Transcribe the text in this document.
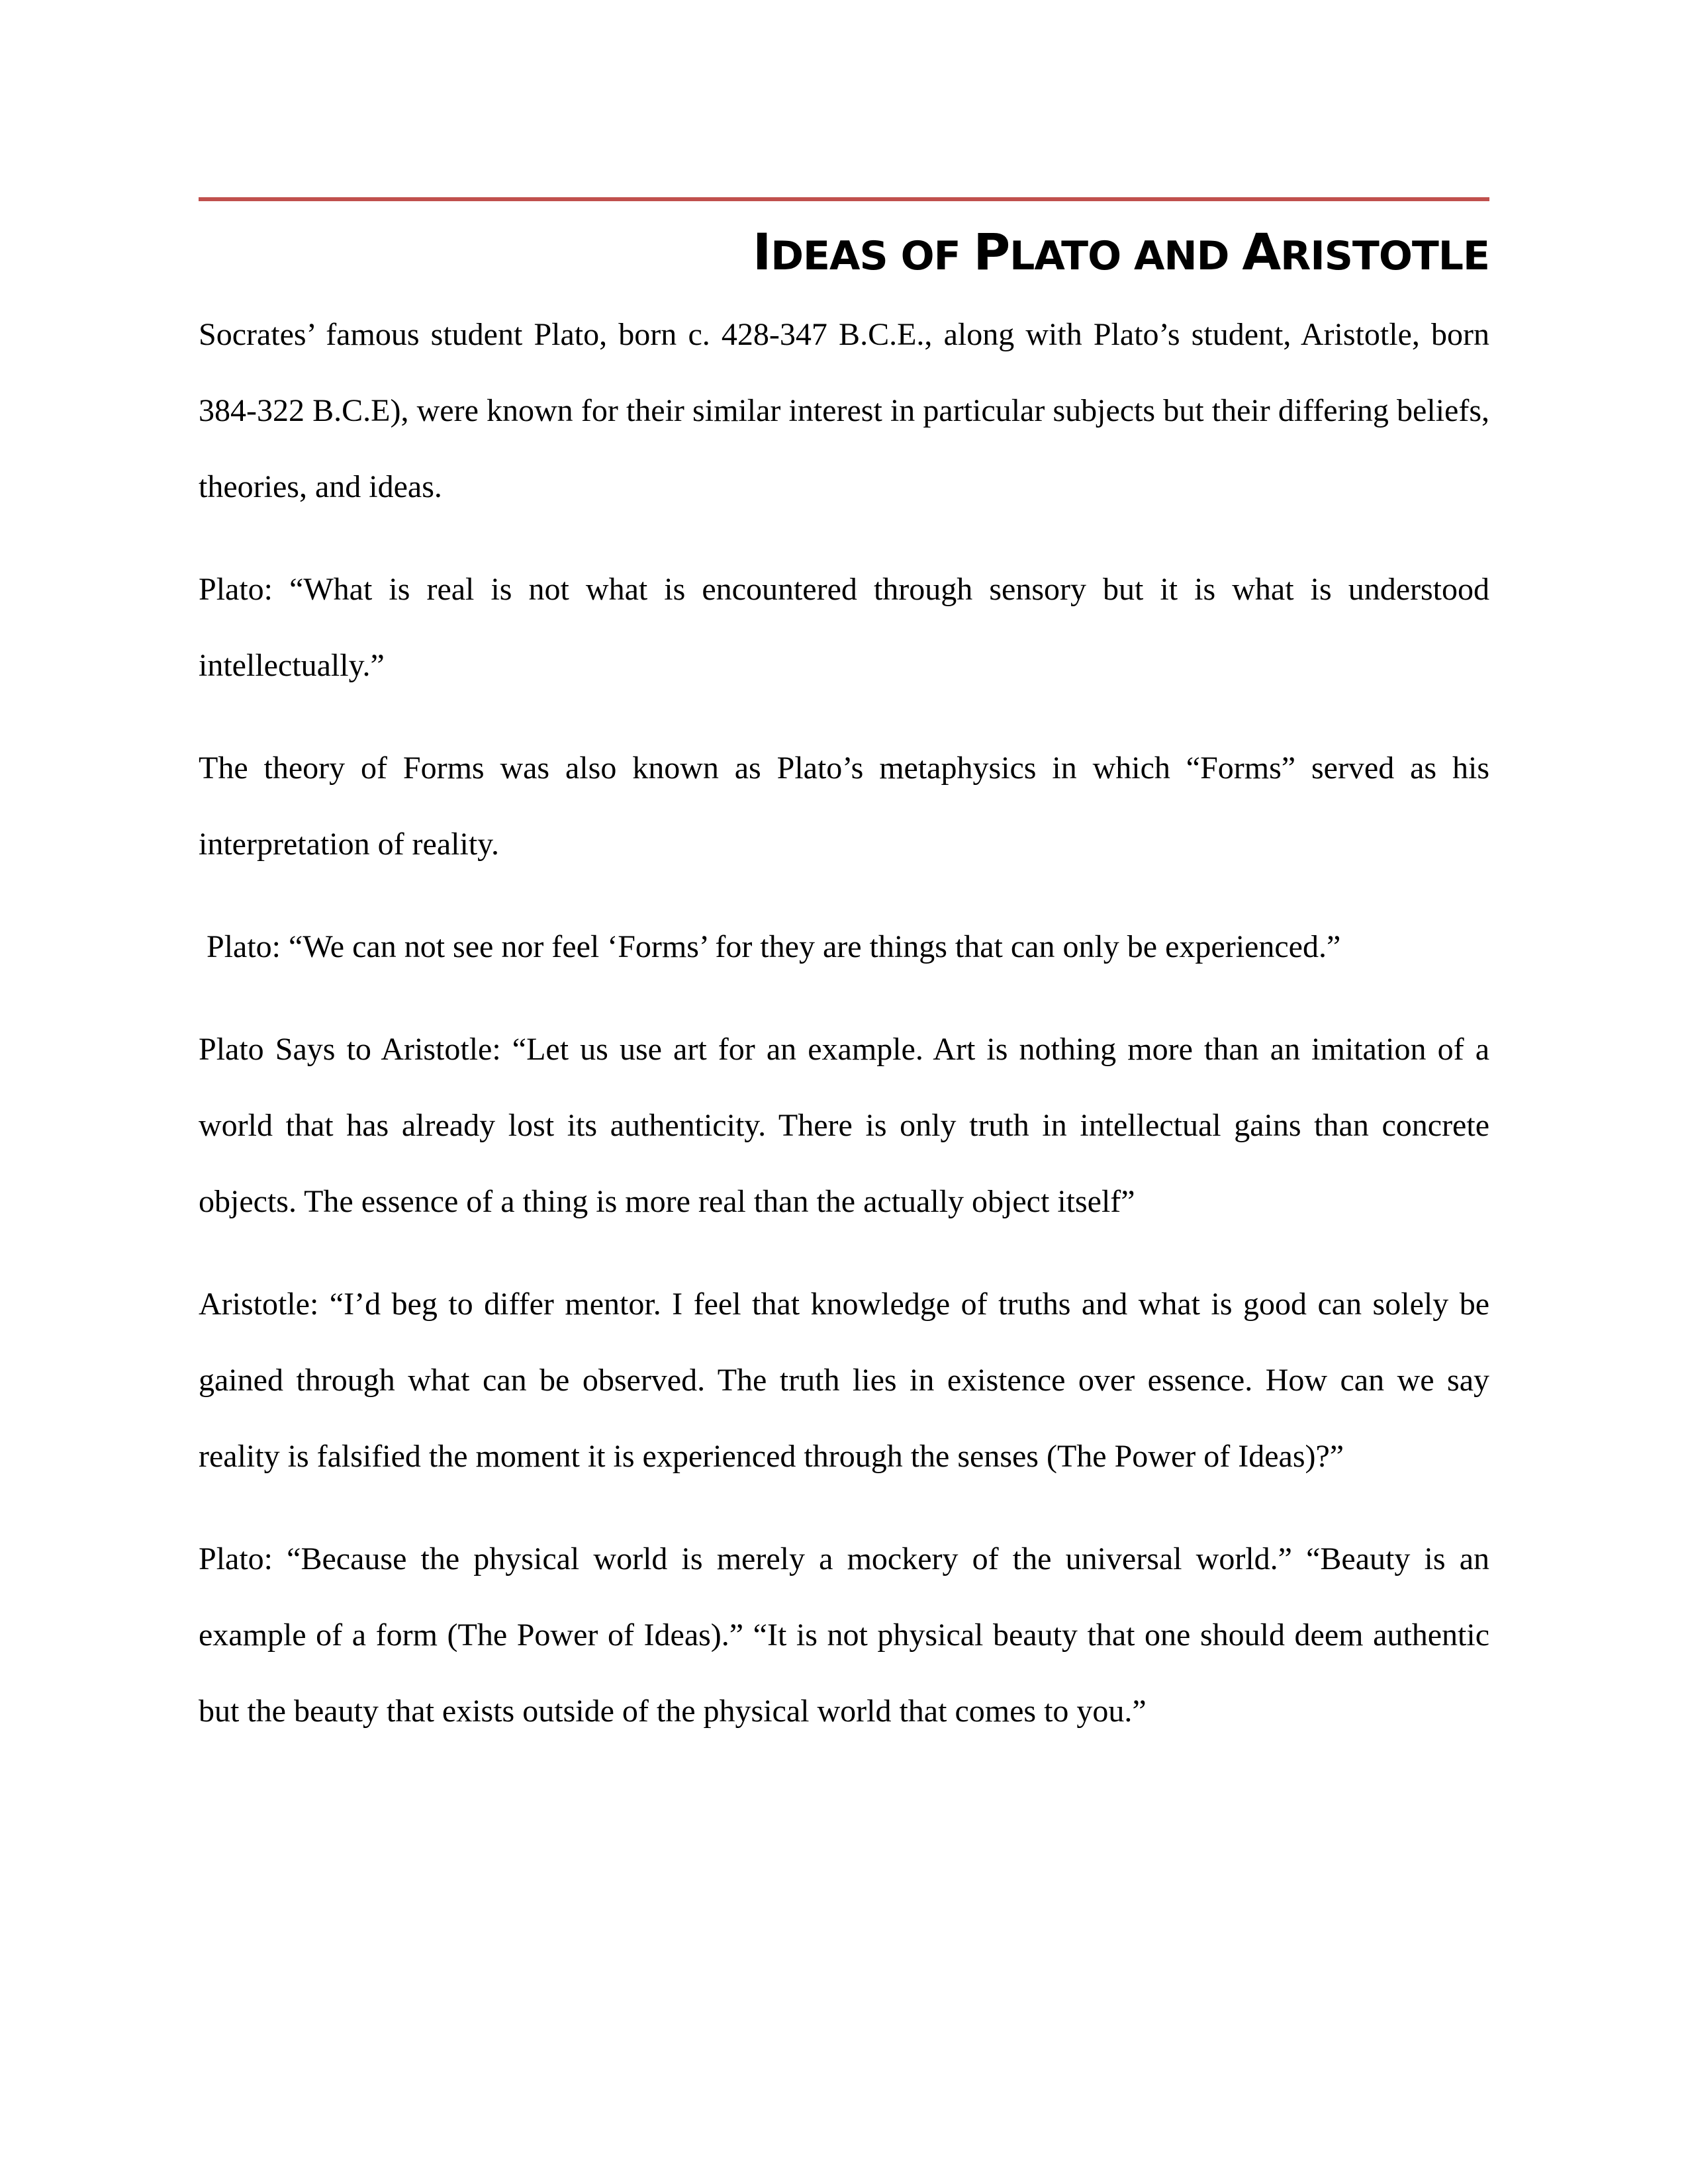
IDEAS OF PLATO AND ARISTOTLE

Socrates’ famous student Plato, born c. 428-347 B.C.E., along with Plato’s student, Aristotle, born 384-322 B.C.E), were known for their similar interest in particular subjects but their differing beliefs, theories, and ideas.

Plato: “What is real is not what is encountered through sensory but it is what is understood intellectually.”

The theory of Forms was also known as Plato’s metaphysics in which “Forms” served as his interpretation of reality.

Plato: “We can not see nor feel ‘Forms’ for they are things that can only be experienced.”

Plato Says to Aristotle: “Let us use art for an example. Art is nothing more than an imitation of a world that has already lost its authenticity. There is only truth in intellectual gains than concrete objects. The essence of a thing is more real than the actually object itself”

Aristotle: “I’d beg to differ mentor. I feel that knowledge of truths and what is good can solely be gained through what can be observed. The truth lies in existence over essence. How can we say reality is falsified the moment it is experienced through the senses (The Power of Ideas)?”

Plato: “Because the physical world is merely a mockery of the universal world.” “Beauty is an example of a form (The Power of Ideas).” “It is not physical beauty that one should deem authentic but the beauty that exists outside of the physical world that comes to you.”
